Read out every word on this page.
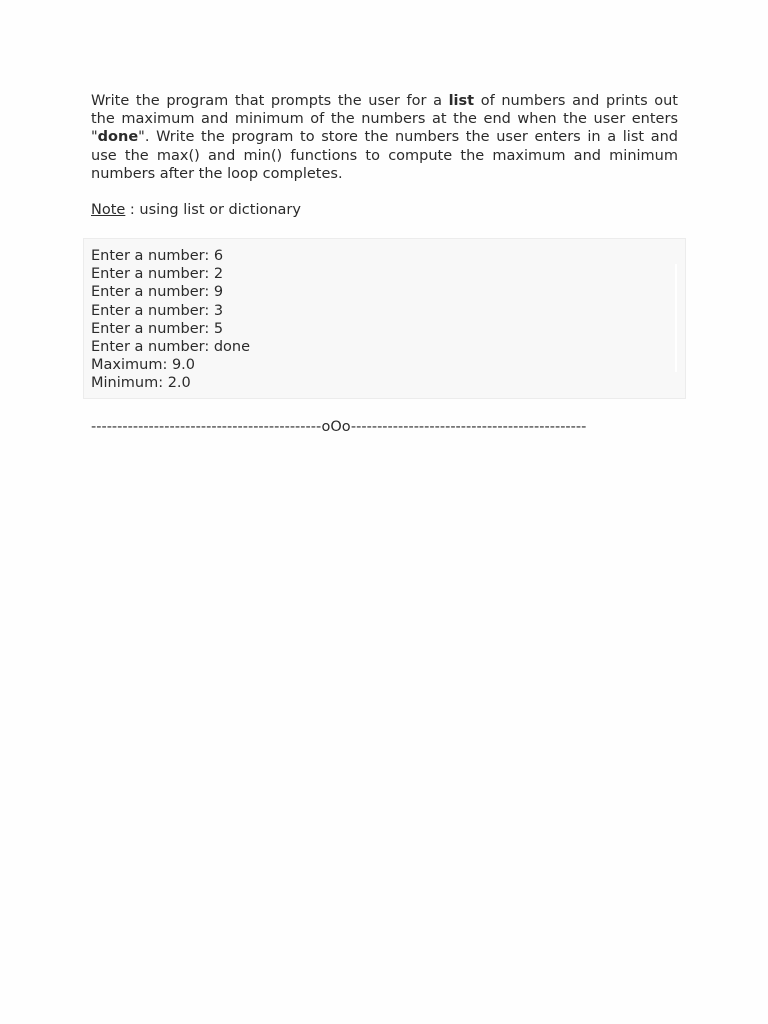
Write the program that prompts the user for a list of numbers and prints out the maximum and minimum of the numbers at the end when the user enters "done". Write the program to store the numbers the user enters in a list and use the max() and min() functions to compute the maximum and minimum numbers after the loop completes.

Note : using list or dictionary

Enter a number: 6
Enter a number: 2
Enter a number: 9
Enter a number: 3
Enter a number: 5
Enter a number: done
Maximum: 9.0
Minimum: 2.0
--------------------------------------------oOo---------------------------------------------
